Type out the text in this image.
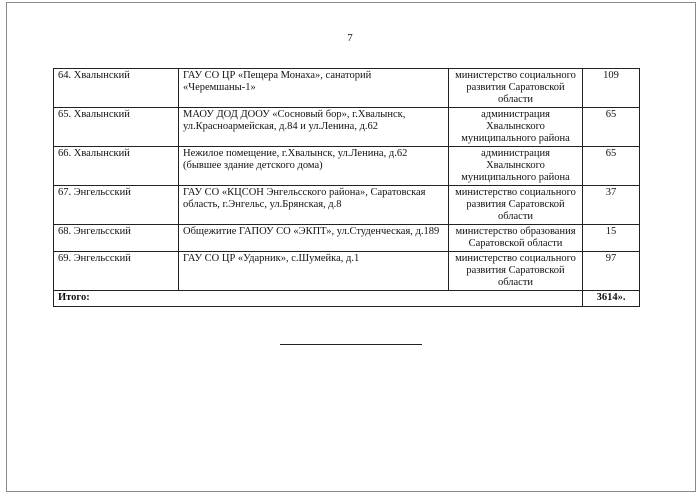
7
64. Хвалынский	ГАУ СО ЦР «Пещера Монаха», санаторий «Черемшаны-1»	министерство социального развития Саратовской области	109
65. Хвалынский	МАОУ ДОД ДООУ «Сосновый бор», г.Хвалынск, ул.Красноармейская, д.84 и ул.Ленина, д.62	администрация Хвалынского муниципального района	65
66. Хвалынский	Нежилое помещение, г.Хвалынск, ул.Ленина, д.62 (бывшее здание детского дома)	администрация Хвалынского муниципального района	65
67. Энгельсский	ГАУ СО «КЦСОН Энгельсского района», Саратовская область, г.Энгельс, ул.Брянская, д.8	министерство социального развития Саратовской области	37
68. Энгельсский	Общежитие ГАПОУ СО «ЭКПТ», ул.Студенческая, д.189	министерство образования Саратовской области	15
69. Энгельсский	ГАУ СО ЦР «Ударник», с.Шумейка, д.1	министерство социального развития Саратовской области	97
Итого:			3614».
